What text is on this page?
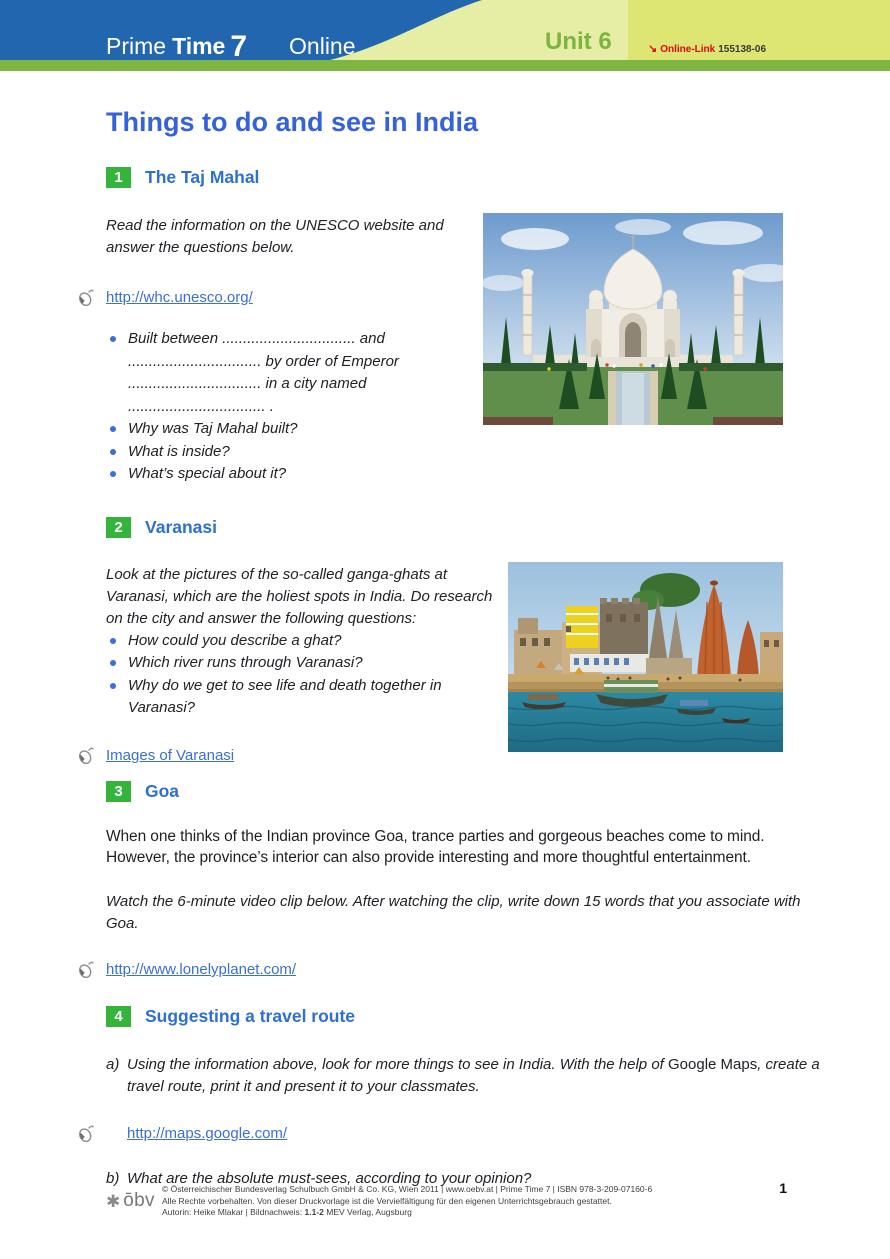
Prime Time 7 Online	Unit 6	↘ Online-Link 155138-06
Things to do and see in India
1	The Taj Mahal
Read the information on the UNESCO website and answer the questions below.
http://whc.unesco.org/
Built between ................................ and ................................ by order of Emperor ................................ in a city named ................................. .
Why was Taj Mahal built?
What is inside?
What’s special about it?
2	Varanasi
Look at the pictures of the so-called ganga-ghats at Varanasi, which are the holiest spots in India. Do research on the city and answer the following questions:
How could you describe a ghat?
Which river runs through Varanasi?
Why do we get to see life and death together in Varanasi?
Images of Varanasi
3	Goa
When one thinks of the Indian province Goa, trance parties and gorgeous beaches come to mind. However, the province’s interior can also provide interesting and more thoughtful entertainment.
Watch the 6-minute video clip below. After watching the clip, write down 15 words that you associate with Goa.
http://www.lonelyplanet.com/
4	Suggesting a travel route
a) Using the information above, look for more things to see in India. With the help of Google Maps, create a travel route, print it and present it to your classmates.
http://maps.google.com/
b) What are the absolute must-sees, according to your opinion?
✱ ōbv
© Österreichischer Bundesverlag Schulbuch GmbH & Co. KG, Wien 2011 | www.oebv.at | Prime Time 7 | ISBN 978-3-209-07160-6
Alle Rechte vorbehalten. Von dieser Druckvorlage ist die Vervielfältigung für den eigenen Unterrichtsgebrauch gestattet.
Autorin: Heike Mlakar | Bildnachweis: 1.1-2 MEV Verlag, Augsburg
1
